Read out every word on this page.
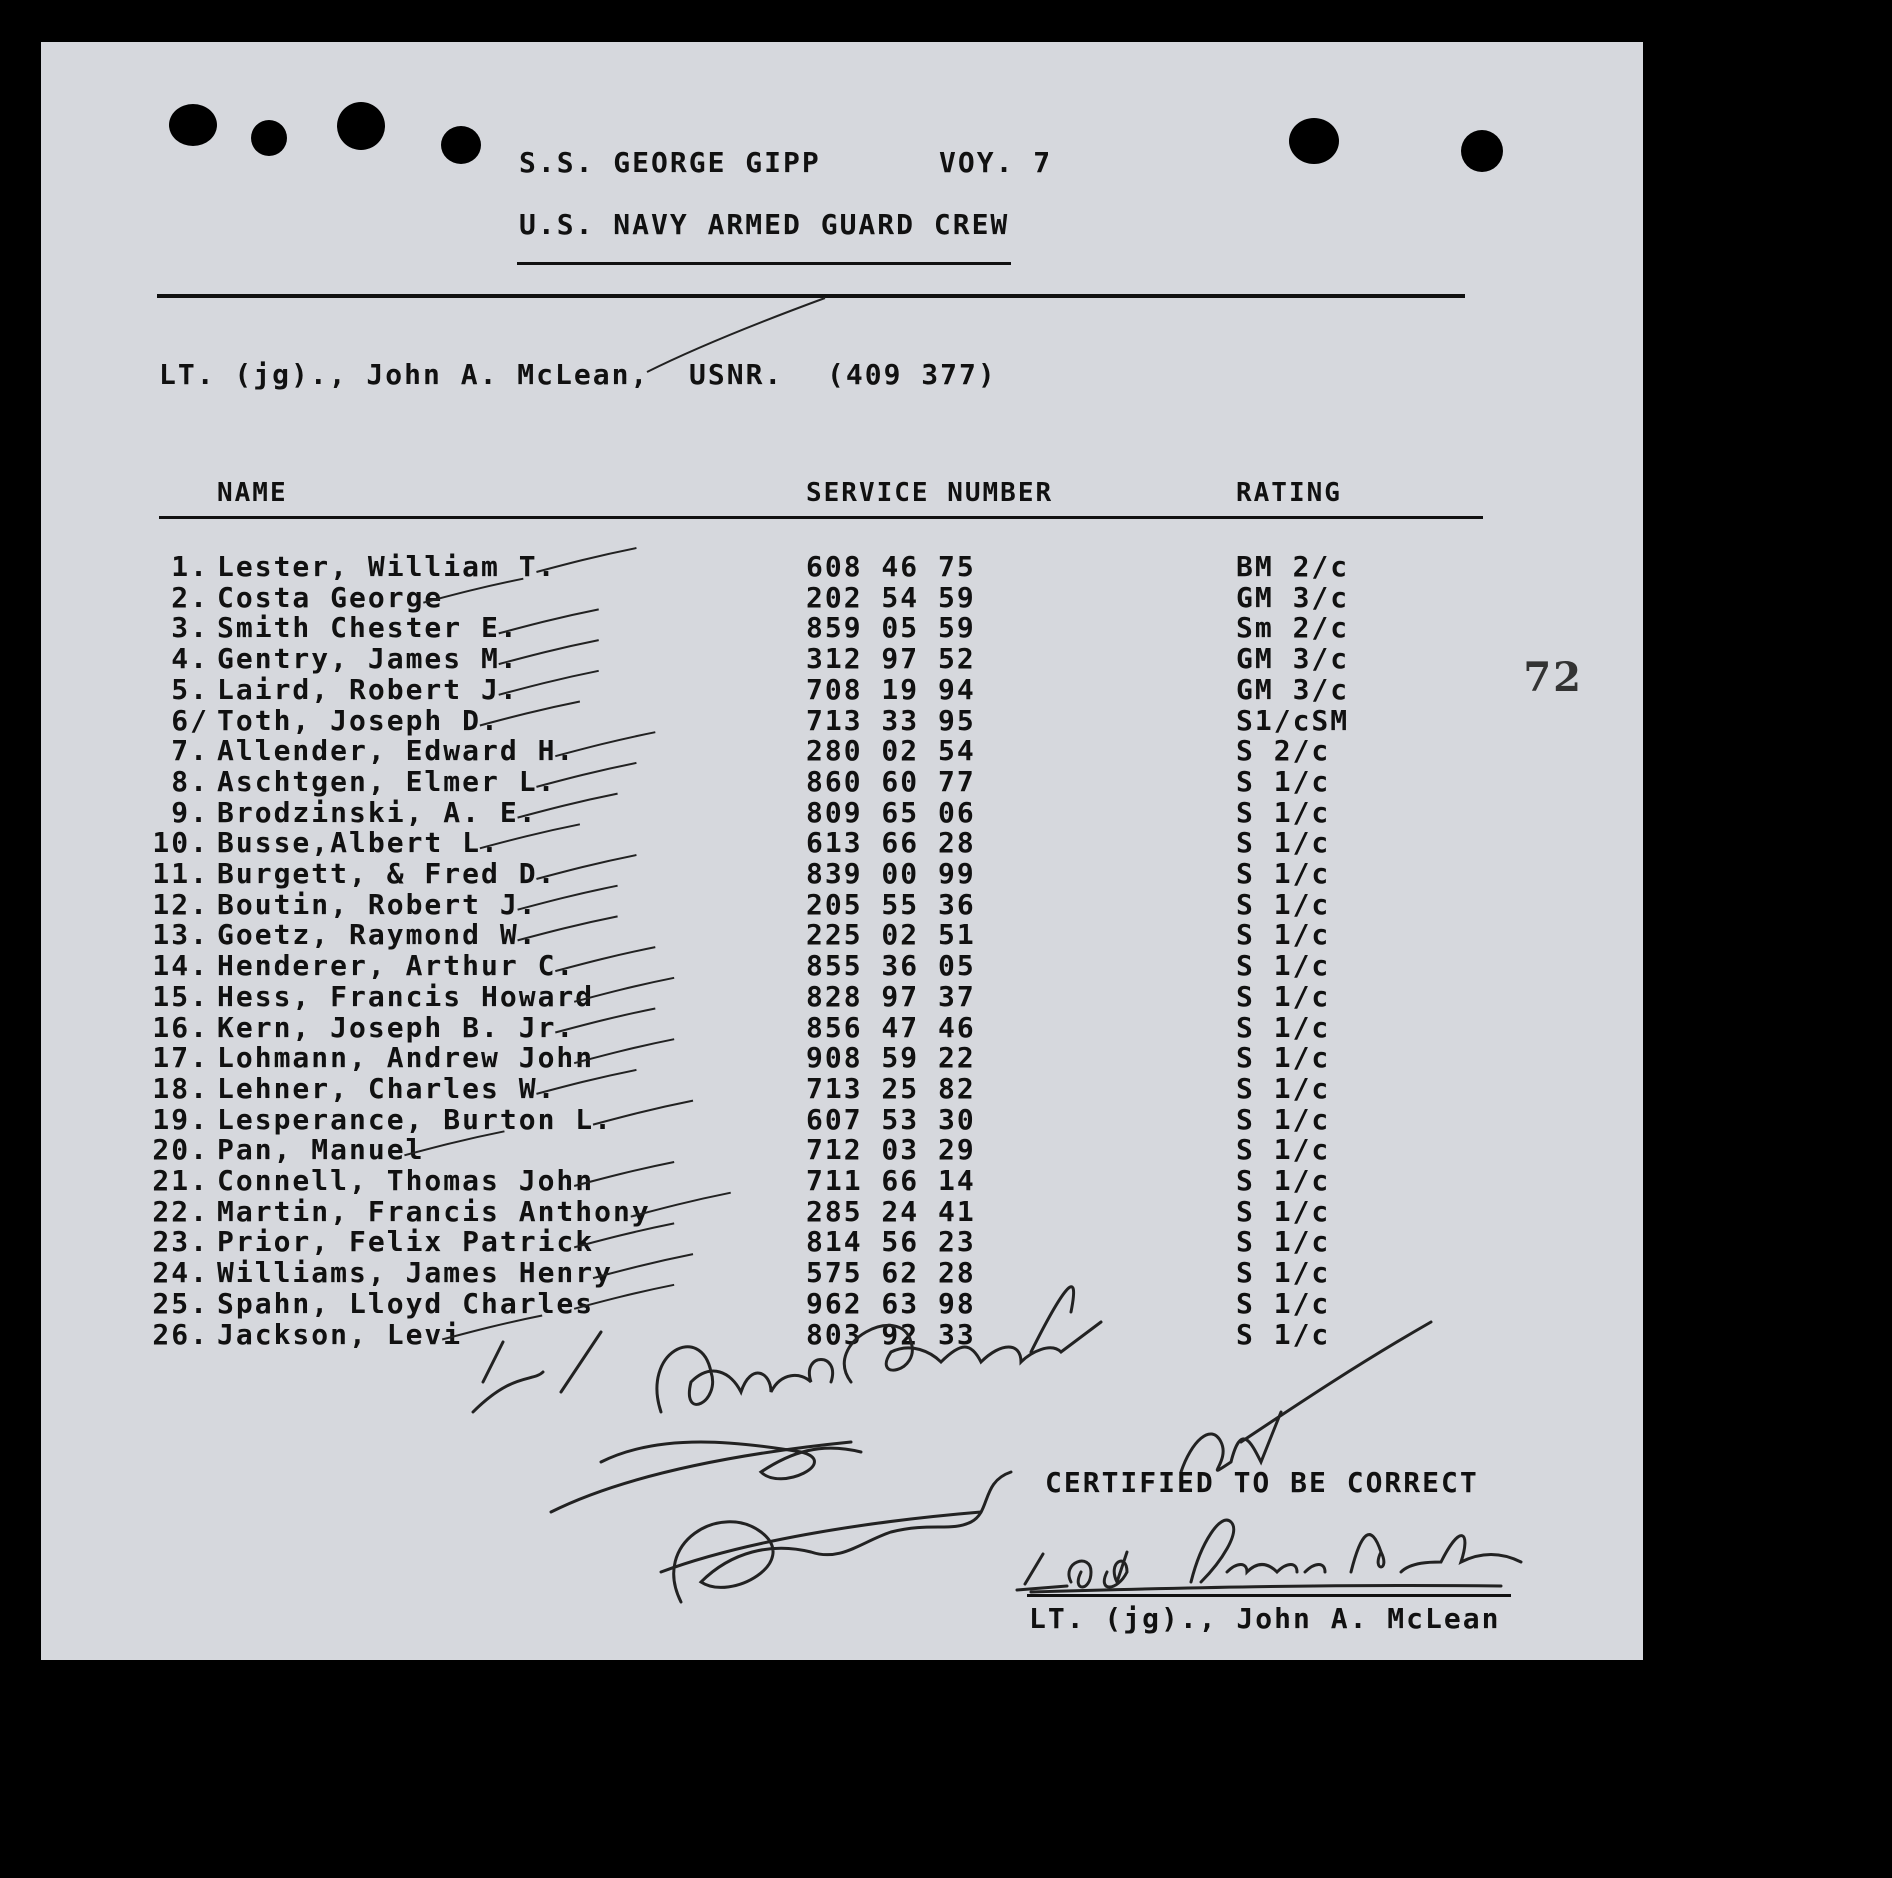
S.S. GEORGE GIPP	VOY. 7
U.S. NAVY ARMED GUARD CREW
LT. (jg)., John A. McLean, USNR. (409 377)
NAME	SERVICE NUMBER	RATING
72
1. Lester, William T.	608 46 75	BM 2/c
2. Costa George	202 54 59	GM 3/c
3. Smith Chester E.	859 05 59	Sm 2/c
4. Gentry, James M.	312 97 52	GM 3/c
5. Laird, Robert J.	708 19 94	GM 3/c
6/ Toth, Joseph D.	713 33 95	S1/cSM
7. Allender, Edward H.	280 02 54	S 2/c
8. Aschtgen, Elmer L.	860 60 77	S 1/c
9. Brodzinski, A. E.	809 65 06	S 1/c
10. Busse,Albert L.	613 66 28	S 1/c
11. Burgett, & Fred D.	839 00 99	S 1/c
12. Boutin, Robert J.	205 55 36	S 1/c
13. Goetz, Raymond W.	225 02 51	S 1/c
14. Henderer, Arthur C.	855 36 05	S 1/c
15. Hess, Francis Howard	828 97 37	S 1/c
16. Kern, Joseph B. Jr.	856 47 46	S 1/c
17. Lohmann, Andrew John	908 59 22	S 1/c
18. Lehner, Charles W.	713 25 82	S 1/c
19. Lesperance, Burton L.	607 53 30	S 1/c
20. Pan, Manuel	712 03 29	S 1/c
21. Connell, Thomas John	711 66 14	S 1/c
22. Martin, Francis Anthony	285 24 41	S 1/c
23. Prior, Felix Patrick	814 56 23	S 1/c
24. Williams, James Henry	575 62 28	S 1/c
25. Spahn, Lloyd Charles	962 63 98	S 1/c
26. Jackson, Levi	803 92 33	S 1/c
CERTIFIED TO BE CORRECT
LT. (jg)., John A. McLean
